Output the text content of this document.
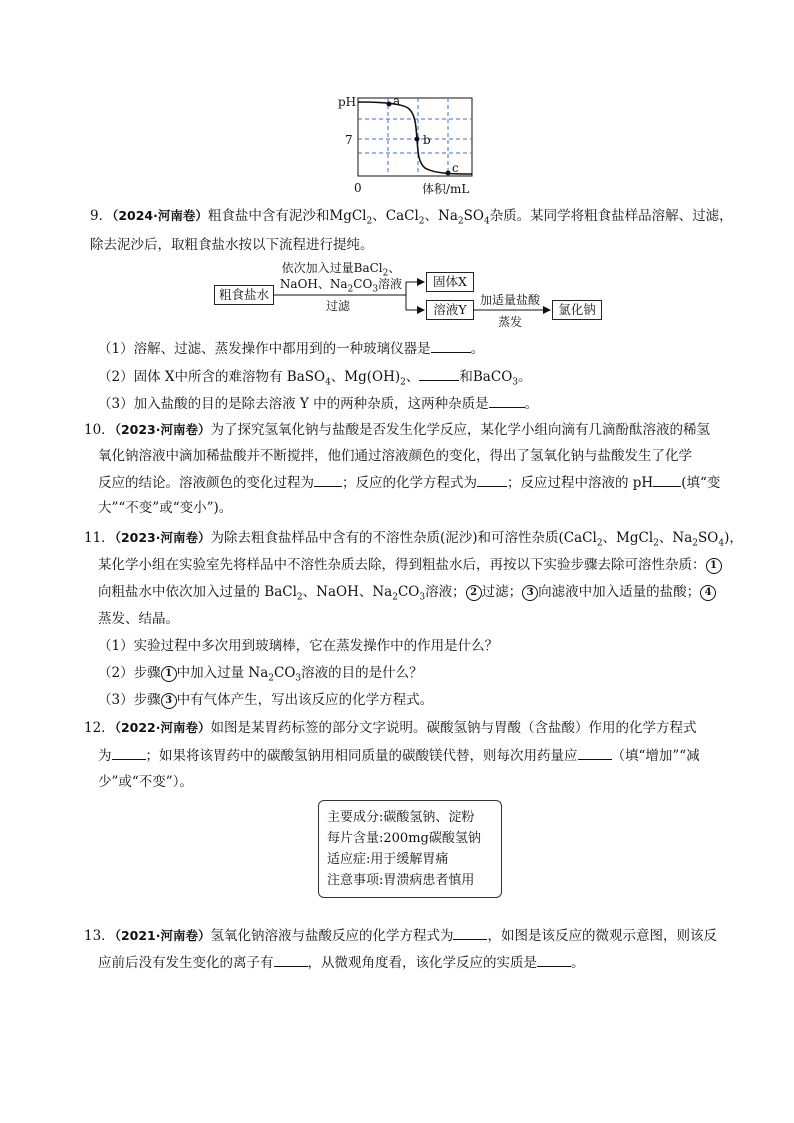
pH
7
0	体积/mL
a
b
c
9．（2024·河南卷）粗食盐中含有泥沙和MgCl$_2$、CaCl$_2$、$Na_2SO_4$杂质。某同学将粗食盐样品溶解、过滤，
除去泥沙后，取粗食盐水按以下流程进行提纯。
粗食盐水
依次加入过量BaCl$_2$、
NaOH、$Na_2CO_3$溶液
过滤
固体X
溶液Y
加适量盐酸
蒸发
氯化钠
（1）溶解、过滤、蒸发操作中都用到的一种玻璃仪器是	。
（2）固体 X中所含的难溶物有 BaSO$_4$、$Mg(OH)_2$、	和BaCO$_3$。
（3）加入盐酸的目的是除去溶液 Y 中的两种杂质，这两种杂质是	。
10．（2023·河南卷）为了探究氢氧化钠与盐酸是否发生化学反应，某化学小组向滴有几滴酚酞溶液的稀氢
氧化钠溶液中滴加稀盐酸并不断搅拌，他们通过溶液颜色的变化，得出了氢氧化钠与盐酸发生了化学
反应的结论。溶液颜色的变化过程为 ；反应的化学方程式为 ；反应过程中溶液的 pH (填“变
大”“不变”或“变小”)。
11．（2023·河南卷）为除去粗食盐样品中含有的不溶性杂质(泥沙)和可溶性杂质(CaCl$_2$、MgCl$_2$、$Na_2SO_4$)，
某化学小组在实验室先将样品中不溶性杂质去除，得到粗盐水后，再按以下实验步骤去除可溶性杂质： 1
向粗盐水中依次加入过量的 BaCl$_2$、NaOH、$Na_2CO_3$溶液； 2 过滤； 3 向滤液中加入适量的盐酸； 4
蒸发、结晶。
（1）实验过程中多次用到玻璃棒，它在蒸发操作中的作用是什么？
（2）步骤 1 中加入过量 $Na_2CO_3$溶液的目的是什么？
（3）步骤 3 中有气体产生，写出该反应的化学方程式。
12．（2022·河南卷）如图是某胃药标签的部分文字说明。碳酸氢钠与胃酸（含盐酸）作用的化学方程式
为	；如果将该胃药中的碳酸氢钠用相同质量的碳酸镁代替，则每次用药量应	（填“增加”“减
少”或“不变”）。
主要成分:碳酸氢钠、淀粉
每片含量:200mg碳酸氢钠
适应症:用于缓解胃痛
注意事项:胃溃病患者慎用
13．（2021·河南卷）氢氧化钠溶液与盐酸反应的化学方程式为	，如图是该反应的微观示意图，则该反
应前后没有发生变化的离子有	，从微观角度看，该化学反应的实质是	。
